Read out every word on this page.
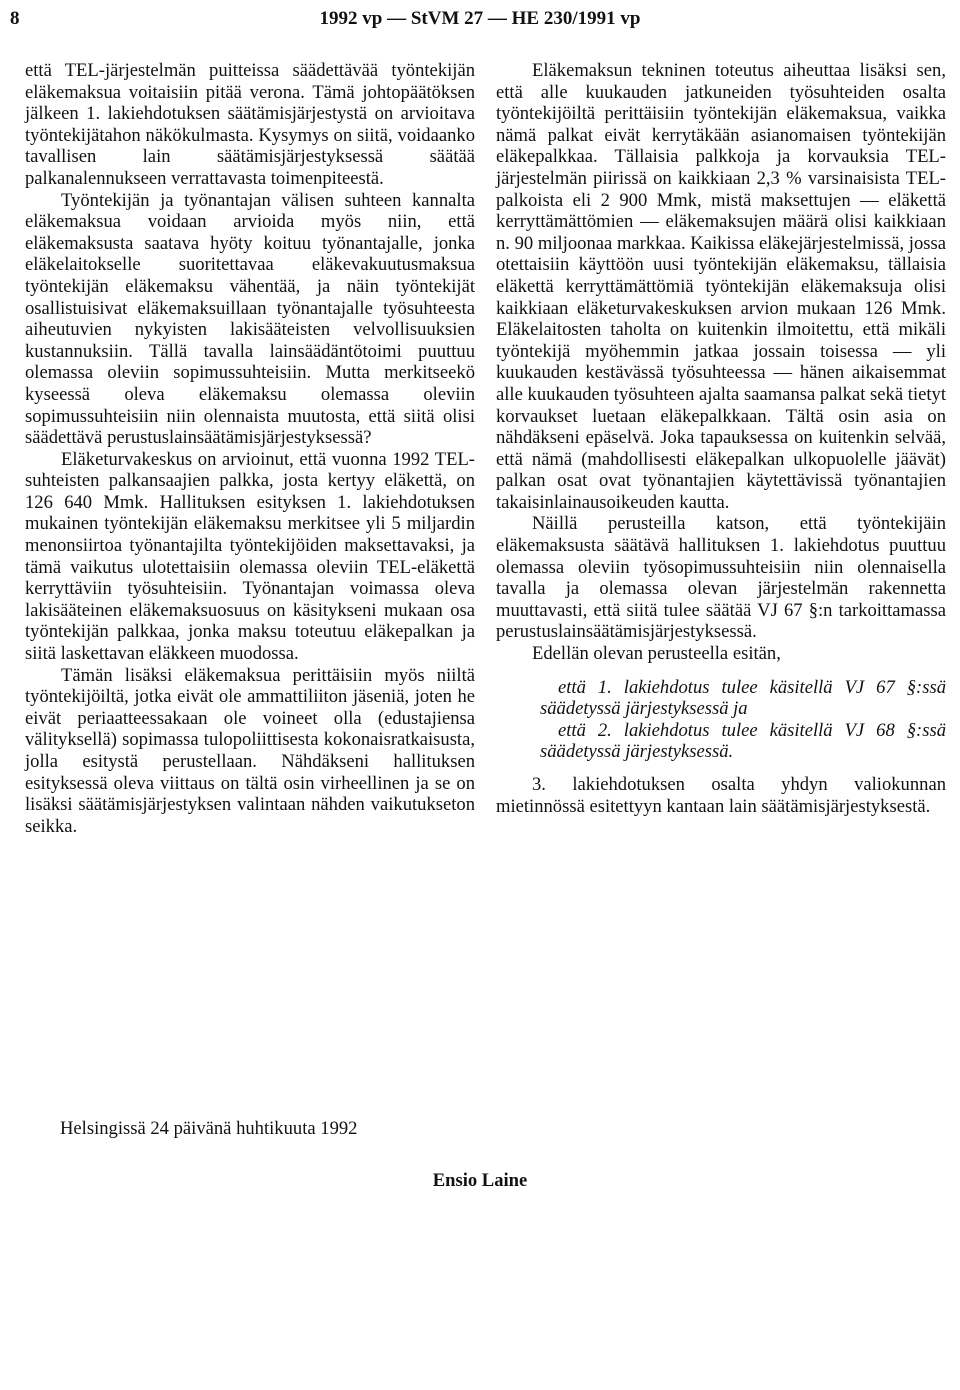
8	1992 vp — StVM 27 — HE 230/1991 vp

että TEL-järjestelmän puitteissa säädettävää työntekijän eläkemaksua voitaisiin pitää verona. Tämä johtopäätöksen jälkeen 1. lakiehdotuksen säätämisjärjestystä on arvioitava työntekijätahon näkökulmasta. Kysymys on siitä, voidaanko tavallisen lain säätämisjärjestyksessä säätää palkanalennukseen verrattavasta toimenpiteestä.

Työntekijän ja työnantajan välisen suhteen kannalta eläkemaksua voidaan arvioida myös niin, että eläkemaksusta saatava hyöty koituu työnantajalle, jonka eläkelaitokselle suoritettavaa eläkevakuutusmaksua työntekijän eläkemaksu vähentää, ja näin työntekijät osallistuisivat eläkemaksuillaan työnantajalle työsuhteesta aiheutuvien nykyisten lakisääteisten velvollisuuksien kustannuksiin. Tällä tavalla lainsäädäntötoimi puuttuu olemassa oleviin sopimussuhteisiin. Mutta merkitseekö kyseessä oleva eläkemaksu olemassa oleviin sopimussuhteisiin niin olennaista muutosta, että siitä olisi säädettävä perustuslainsäätämisjärjestyksessä?

Eläketurvakeskus on arvioinut, että vuonna 1992 TEL-suhteisten palkansaajien palkka, josta kertyy eläkettä, on 126 640 Mmk. Hallituksen esityksen 1. lakiehdotuksen mukainen työntekijän eläkemaksu merkitsee yli 5 miljardin menonsiirtoa työnantajilta työntekijöiden maksettavaksi, ja tämä vaikutus ulotettaisiin olemassa oleviin TEL-eläkettä kerryttäviin työsuhteisiin. Työnantajan voimassa oleva lakisääteinen eläkemaksuosuus on käsitykseni mukaan osa työntekijän palkkaa, jonka maksu toteutuu eläkepalkan ja siitä laskettavan eläkkeen muodossa.

Tämän lisäksi eläkemaksua perittäisiin myös niiltä työntekijöiltä, jotka eivät ole ammattiliiton jäseniä, joten he eivät periaatteessakaan ole voineet olla (edustajiensa välityksellä) sopimassa tulopoliittisesta kokonaisratkaisusta, jolla esitystä perustellaan. Nähdäkseni hallituksen esityksessä oleva viittaus on tältä osin virheellinen ja se on lisäksi säätämisjärjestyksen valintaan nähden vaikutukseton seikka.

Eläkemaksun tekninen toteutus aiheuttaa lisäksi sen, että alle kuukauden jatkuneiden työsuhteiden osalta työntekijöiltä perittäisiin työntekijän eläkemaksua, vaikka nämä palkat eivät kerrytäkään asianomaisen työntekijän eläkepalkkaa. Tällaisia palkkoja ja korvauksia TEL-järjestelmän piirissä on kaikkiaan 2,3 % varsinaisista TEL-palkoista eli 2 900 Mmk, mistä maksettujen — eläkettä kerryttämättömien — eläkemaksujen määrä olisi kaikkiaan n. 90 miljoonaa markkaa. Kaikissa eläkejärjestelmissä, jossa otettaisiin käyttöön uusi työntekijän eläkemaksu, tällaisia eläkettä kerryttämättömiä työntekijän eläkemaksuja olisi kaikkiaan eläketurvakeskuksen arvion mukaan 126 Mmk. Eläkelaitosten taholta on kuitenkin ilmoitettu, että mikäli työntekijä myöhemmin jatkaa jossain toisessa — yli kuukauden kestävässä työsuhteessa — hänen aikaisemmat alle kuukauden työsuhteen ajalta saamansa palkat sekä tietyt korvaukset luetaan eläkepalkkaan. Tältä osin asia on nähdäkseni epäselvä. Joka tapauksessa on kuitenkin selvää, että nämä (mahdollisesti eläkepalkan ulkopuolelle jäävät) palkan osat ovat työnantajien käytettävissä työnantajien takaisinlainausoikeuden kautta.

Näillä perusteilla katson, että työntekijäin eläkemaksusta säätävä hallituksen 1. lakiehdotus puuttuu olemassa oleviin työsopimussuhteisiin niin olennaisella tavalla ja olemassa olevan järjestelmän rakennetta muuttavasti, että siitä tulee säätää VJ 67 §:n tarkoittamassa perustuslainsäätämisjärjestyksessä.

Edellän olevan perusteella esitän,

että 1. lakiehdotus tulee käsitellä VJ 67 §:ssä säädetyssä järjestyksessä ja

että 2. lakiehdotus tulee käsitellä VJ 68 §:ssä säädetyssä järjestyksessä.

3. lakiehdotuksen osalta yhdyn valiokunnan mietinnössä esitettyyn kantaan lain säätämisjärjestyksestä.

Helsingissä 24 päivänä huhtikuuta 1992
Ensio Laine
